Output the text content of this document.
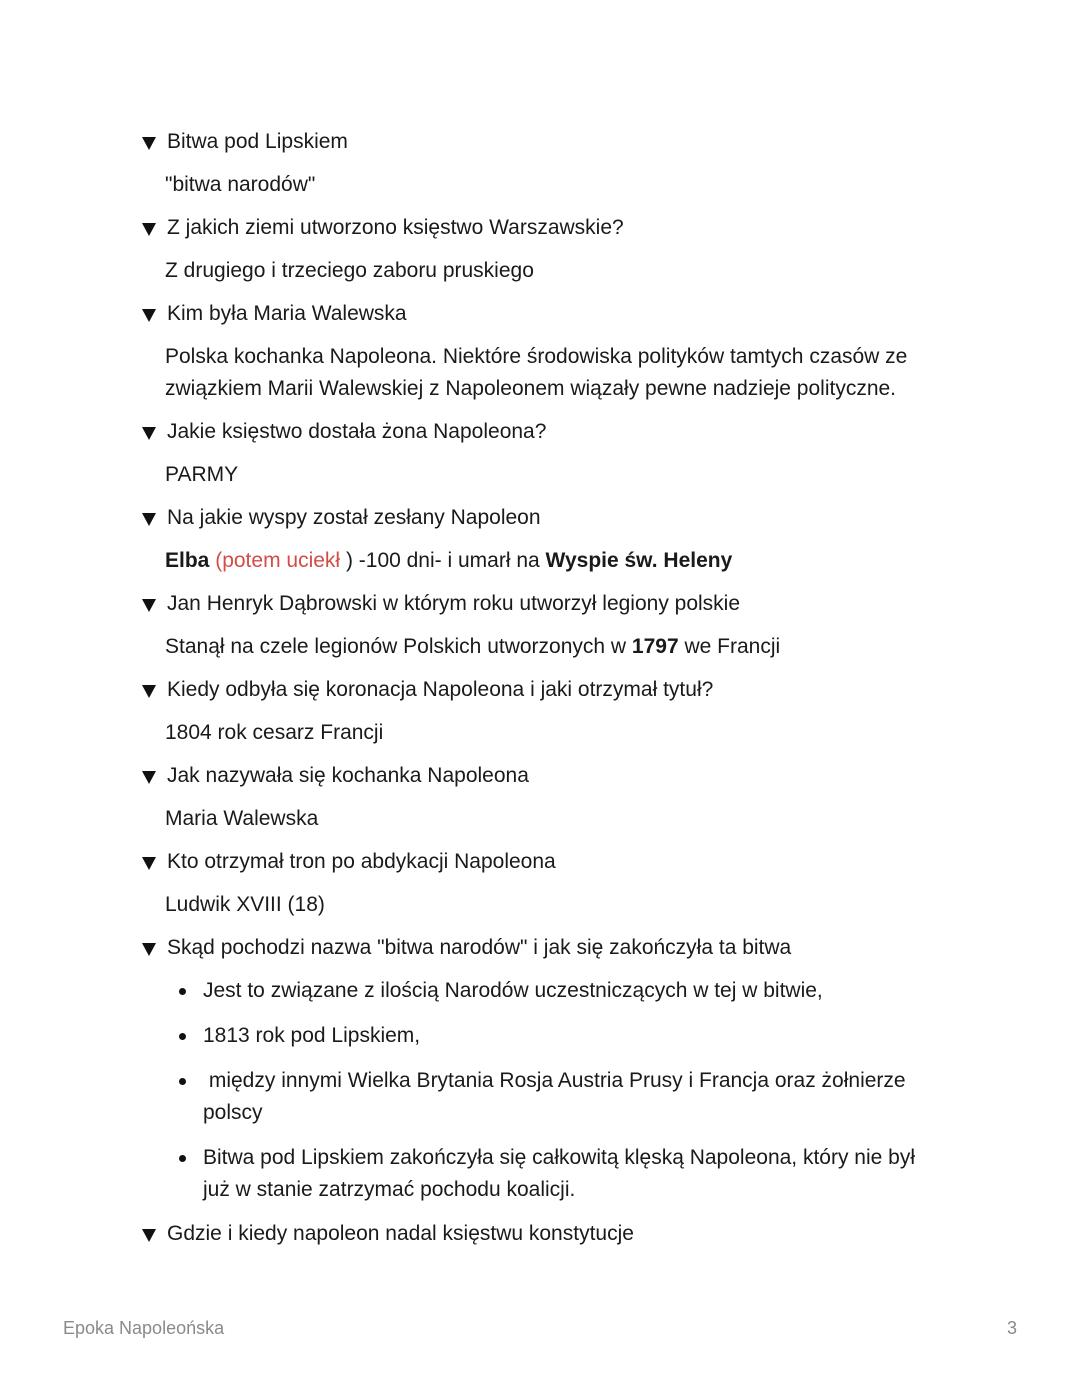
Bitwa pod Lipskiem
"bitwa narodów"
Z jakich ziemi utworzono księstwo Warszawskie?
Z drugiego i trzeciego zaboru pruskiego
Kim była Maria Walewska
Polska kochanka Napoleona. Niektóre środowiska polityków tamtych czasów ze związkiem Marii Walewskiej z Napoleonem wiązały pewne nadzieje polityczne.
Jakie księstwo dostała żona Napoleona?
PARMY
Na jakie wyspy został zesłany Napoleon
Elba (potem uciekł ) -100 dni- i umarł na Wyspie św. Heleny
Jan Henryk Dąbrowski w którym roku utworzył legiony polskie
Stanął na czele legionów Polskich utworzonych w 1797 we Francji
Kiedy odbyła się koronacja Napoleona i jaki otrzymał tytuł?
1804 rok cesarz Francji
Jak nazywała się kochanka Napoleona
Maria Walewska
Kto otrzymał tron po abdykacji Napoleona
Ludwik XVIII (18)
Skąd pochodzi nazwa "bitwa narodów" i jak się zakończyła ta bitwa
Jest to związane z ilością Narodów uczestniczących w tej w bitwie,
1813 rok pod Lipskiem,
między innymi Wielka Brytania Rosja Austria Prusy i Francja oraz żołnierze polscy
Bitwa pod Lipskiem zakończyła się całkowitą klęską Napoleona, który nie był już w stanie zatrzymać pochodu koalicji.
Gdzie i kiedy napoleon nadal księstwu konstytucje
Epoka Napoleońska	3
